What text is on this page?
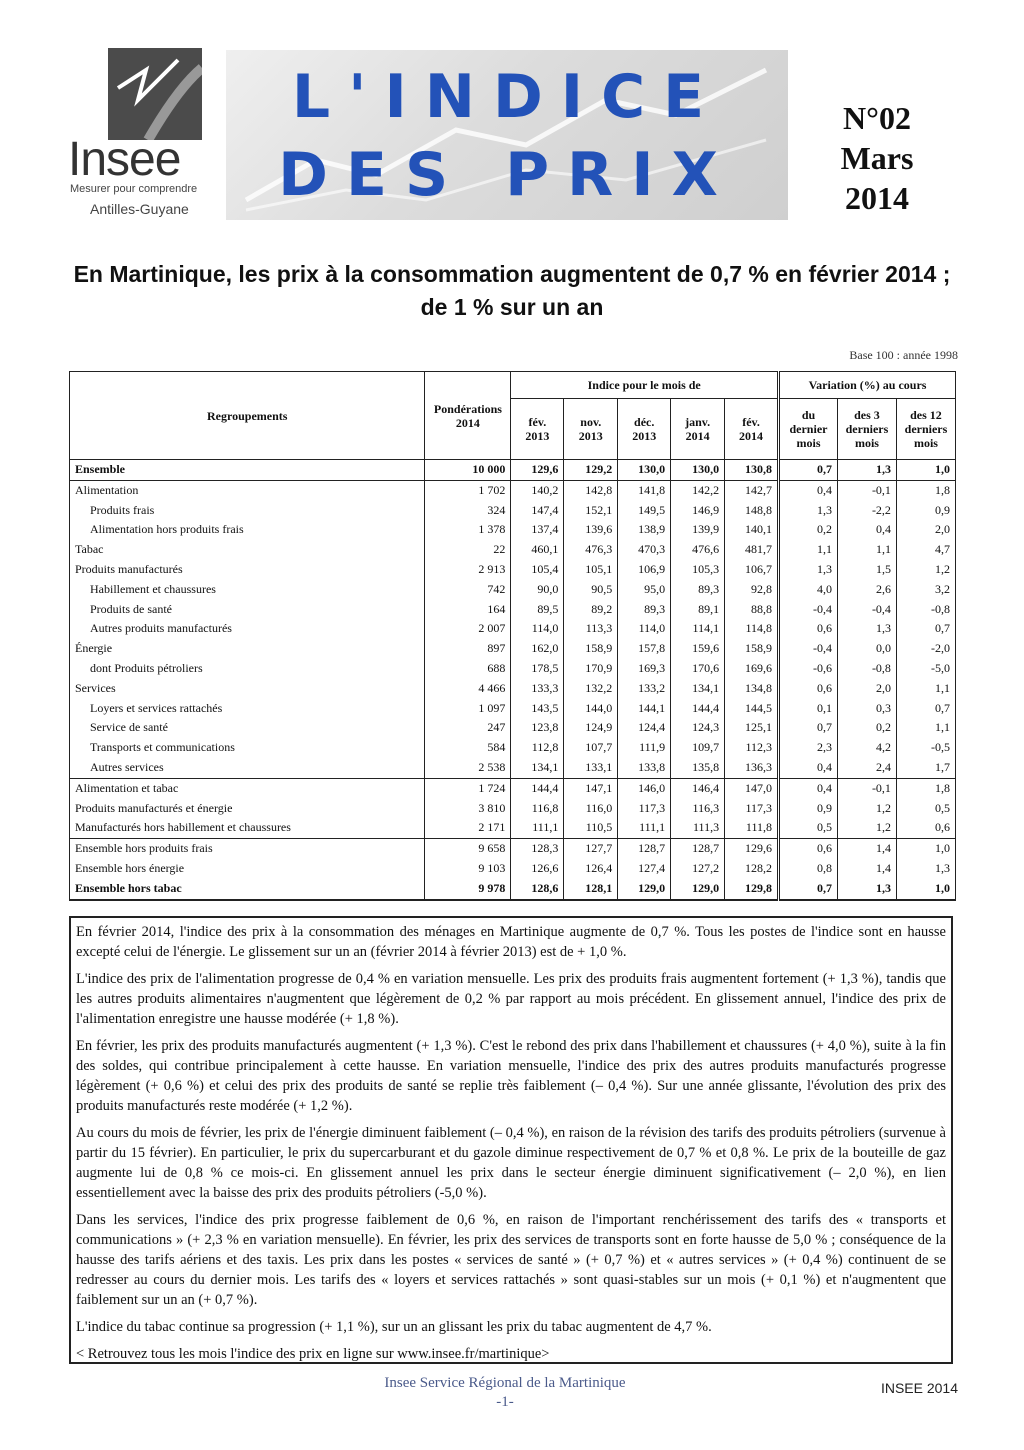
Insee
Mesurer pour comprendre
Antilles-Guyane
L'INDICE
DES PRIX
N°02
Mars
2014
En Martinique, les prix à la consommation augmentent de 0,7 % en février 2014 ;
de 1 % sur un an
Base 100 : année 1998
Regroupements	Pondérations 2014	Indice pour le mois de					Variation (%) au cours		
		fév. 2013	nov. 2013	déc. 2013	janv. 2014	fév. 2014	du dernier mois	des 3 derniers mois	des 12 derniers mois
Ensemble	10 000	129,6	129,2	130,0	130,0	130,8	0,7	1,3	1,0
Alimentation	1 702	140,2	142,8	141,8	142,2	142,7	0,4	-0,1	1,8
Produits frais	324	147,4	152,1	149,5	146,9	148,8	1,3	-2,2	0,9
Alimentation hors produits frais	1 378	137,4	139,6	138,9	139,9	140,1	0,2	0,4	2,0
Tabac	22	460,1	476,3	470,3	476,6	481,7	1,1	1,1	4,7
Produits manufacturés	2 913	105,4	105,1	106,9	105,3	106,7	1,3	1,5	1,2
Habillement et chaussures	742	90,0	90,5	95,0	89,3	92,8	4,0	2,6	3,2
Produits de santé	164	89,5	89,2	89,3	89,1	88,8	-0,4	-0,4	-0,8
Autres produits manufacturés	2 007	114,0	113,3	114,0	114,1	114,8	0,6	1,3	0,7
Énergie	897	162,0	158,9	157,8	159,6	158,9	-0,4	0,0	-2,0
dont Produits pétroliers	688	178,5	170,9	169,3	170,6	169,6	-0,6	-0,8	-5,0
Services	4 466	133,3	132,2	133,2	134,1	134,8	0,6	2,0	1,1
Loyers et services rattachés	1 097	143,5	144,0	144,1	144,4	144,5	0,1	0,3	0,7
Service de santé	247	123,8	124,9	124,4	124,3	125,1	0,7	0,2	1,1
Transports et communications	584	112,8	107,7	111,9	109,7	112,3	2,3	4,2	-0,5
Autres services	2 538	134,1	133,1	133,8	135,8	136,3	0,4	2,4	1,7
Alimentation et tabac	1 724	144,4	147,1	146,0	146,4	147,0	0,4	-0,1	1,8
Produits manufacturés et énergie	3 810	116,8	116,0	117,3	116,3	117,3	0,9	1,2	0,5
Manufacturés hors habillement et chaussures	2 171	111,1	110,5	111,1	111,3	111,8	0,5	1,2	0,6
Ensemble hors produits frais	9 658	128,3	127,7	128,7	128,7	129,6	0,6	1,4	1,0
Ensemble hors énergie	9 103	126,6	126,4	127,4	127,2	128,2	0,8	1,4	1,3
Ensemble hors tabac	9 978	128,6	128,1	129,0	129,0	129,8	0,7	1,3	1,0

En février 2014, l'indice des prix à la consommation des ménages en Martinique augmente de 0,7 %. Tous les postes de l'indice sont en hausse excepté celui de l'énergie. Le glissement sur un an (février 2014 à février 2013) est de + 1,0 %.

L'indice des prix de l'alimentation progresse de 0,4 % en variation mensuelle. Les prix des produits frais augmentent fortement (+ 1,3 %), tandis que les autres produits alimentaires n'augmentent que légèrement de 0,2 % par rapport au mois précédent. En glissement annuel, l'indice des prix de l'alimentation enregistre une hausse modérée (+ 1,8 %).

En février, les prix des produits manufacturés augmentent (+ 1,3 %). C'est le rebond des prix dans l'habillement et chaussures (+ 4,0 %), suite à la fin des soldes, qui contribue principalement à cette hausse. En variation mensuelle, l'indice des prix des autres produits manufacturés progresse légèrement (+ 0,6 %) et celui des prix des produits de santé se replie très faiblement (– 0,4 %). Sur une année glissante, l'évolution des prix des produits manufacturés reste modérée (+ 1,2 %).

Au cours du mois de février, les prix de l'énergie diminuent faiblement (– 0,4 %), en raison de la révision des tarifs des produits pétroliers (survenue à partir du 15 février). En particulier, le prix du supercarburant et du gazole diminue respectivement de 0,7 % et 0,8 %. Le prix de la bouteille de gaz augmente lui de 0,8 % ce mois-ci. En glissement annuel les prix dans le secteur énergie diminuent significativement (– 2,0 %), en lien essentiellement avec la baisse des prix des produits pétroliers (-5,0 %).

Dans les services, l'indice des prix progresse faiblement de 0,6 %, en raison de l'important renchérissement des tarifs des « transports et communications » (+ 2,3 % en variation mensuelle). En février, les prix des services de transports sont en forte hausse de 5,0 % ; conséquence de la hausse des tarifs aériens et des taxis. Les prix dans les postes « services de santé » (+ 0,7 %) et « autres services » (+ 0,4 %) continuent de se redresser au cours du dernier mois. Les tarifs des « loyers et services rattachés » sont quasi-stables sur un mois (+ 0,1 %) et n'augmentent que faiblement sur un an (+ 0,7 %).

L'indice du tabac continue sa progression (+ 1,1 %), sur un an glissant les prix du tabac augmentent de 4,7 %.

< Retrouvez tous les mois l'indice des prix en ligne sur www.insee.fr/martinique>

Insee Service Régional de la Martinique
-1-
INSEE 2014
